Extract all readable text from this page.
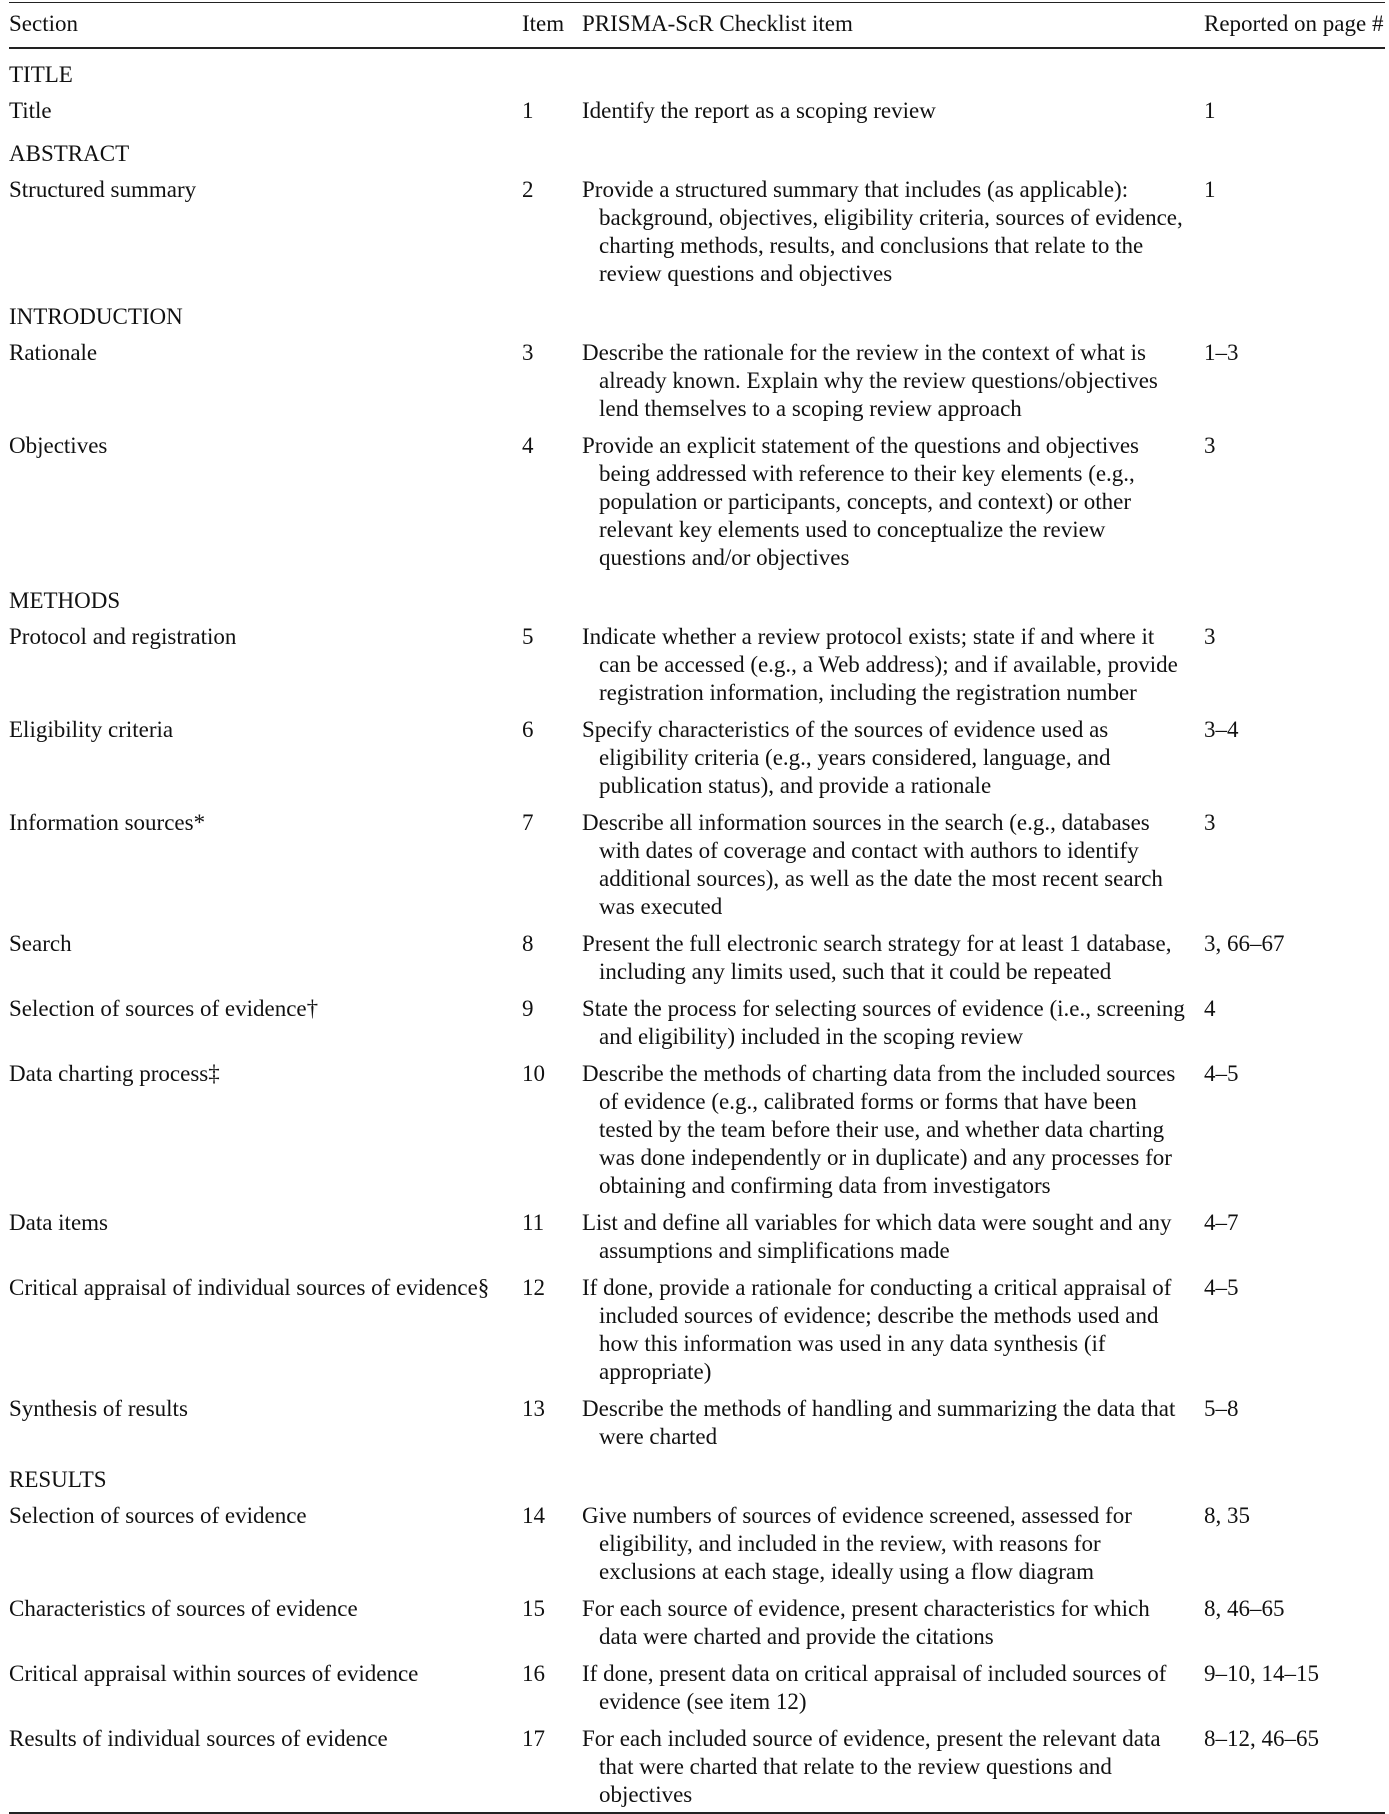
Section	Item	PRISMA-ScR Checklist item	Reported on page #
TITLE			
Title	1	Identify the report as a scoping review	1
ABSTRACT			
Structured summary	2	Provide a structured summary that includes (as applicable): background, objectives, eligibility criteria, sources of evidence, charting methods, results, and conclusions that relate to the review questions and objectives	1
INTRODUCTION			
Rationale	3	Describe the rationale for the review in the context of what is already known. Explain why the review questions/objectives lend themselves to a scoping review approach	1–3
Objectives	4	Provide an explicit statement of the questions and objectives being addressed with reference to their key elements (e.g., population or participants, concepts, and context) or other relevant key elements used to conceptualize the review questions and/or objectives	3
METHODS			
Protocol and registration	5	Indicate whether a review protocol exists; state if and where it can be accessed (e.g., a Web address); and if available, provide registration information, including the registration number	3
Eligibility criteria	6	Specify characteristics of the sources of evidence used as eligibility criteria (e.g., years considered, language, and publication status), and provide a rationale	3–4
Information sources*	7	Describe all information sources in the search (e.g., databases with dates of coverage and contact with authors to identify additional sources), as well as the date the most recent search was executed	3
Search	8	Present the full electronic search strategy for at least 1 database, including any limits used, such that it could be repeated	3, 66–67
Selection of sources of evidence†	9	State the process for selecting sources of evidence (i.e., screening and eligibility) included in the scoping review	4
Data charting process‡	10	Describe the methods of charting data from the included sources of evidence (e.g., calibrated forms or forms that have been tested by the team before their use, and whether data charting was done independently or in duplicate) and any processes for obtaining and confirming data from investigators	4–5
Data items	11	List and define all variables for which data were sought and any assumptions and simplifications made	4–7
Critical appraisal of individual sources of evidence§	12	If done, provide a rationale for conducting a critical appraisal of included sources of evidence; describe the methods used and how this information was used in any data synthesis (if appropriate)	4–5
Synthesis of results	13	Describe the methods of handling and summarizing the data that were charted	5–8
RESULTS			
Selection of sources of evidence	14	Give numbers of sources of evidence screened, assessed for eligibility, and included in the review, with reasons for exclusions at each stage, ideally using a flow diagram	8, 35
Characteristics of sources of evidence	15	For each source of evidence, present characteristics for which data were charted and provide the citations	8, 46–65
Critical appraisal within sources of evidence	16	If done, present data on critical appraisal of included sources of evidence (see item 12)	9–10, 14–15
Results of individual sources of evidence	17	For each included source of evidence, present the relevant data that were charted that relate to the review questions and objectives	8–12, 46–65
